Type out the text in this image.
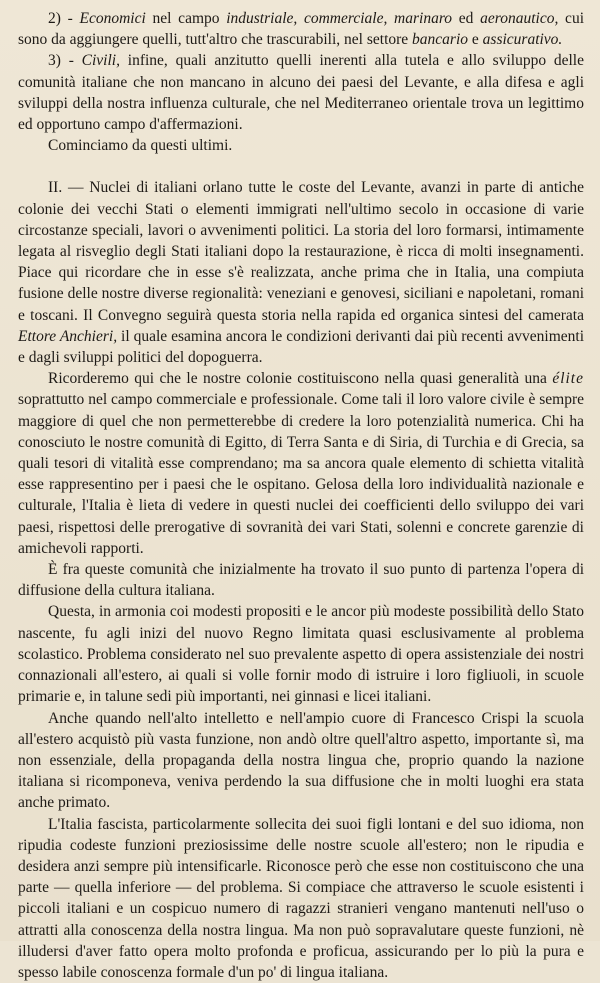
2) - Economici nel campo industriale, commerciale, marinaro ed aeronautico, cui sono da aggiungere quelli, tutt'altro che trascurabili, nel settore bancario e assicurativo.

3) - Civili, infine, quali anzitutto quelli inerenti alla tutela e allo sviluppo delle comunità italiane che non mancano in alcuno dei paesi del Levante, e alla difesa e agli sviluppi della nostra influenza culturale, che nel Mediterraneo orientale trova un legittimo ed opportuno campo d'affermazioni.

Cominciamo da questi ultimi.

II. — Nuclei di italiani orlano tutte le coste del Levante, avanzi in parte di antiche colonie dei vecchi Stati o elementi immigrati nell'ultimo secolo in occasione di varie circostanze speciali, lavori o avvenimenti politici. La storia del loro formarsi, intimamente legata al risveglio degli Stati italiani dopo la restaurazione, è ricca di molti insegnamenti. Piace qui ricordare che in esse s'è realizzata, anche prima che in Italia, una compiuta fusione delle nostre diverse regionalità: veneziani e genovesi, siciliani e napoletani, romani e toscani. Il Convegno seguirà questa storia nella rapida ed organica sintesi del camerata Ettore Anchieri, il quale esamina ancora le condizioni derivanti dai più recenti avvenimenti e dagli sviluppi politici del dopoguerra.

Ricorderemo qui che le nostre colonie costituiscono nella quasi generalità una élite soprattutto nel campo commerciale e professionale. Come tali il loro valore civile è sempre maggiore di quel che non permetterebbe di credere la loro potenzialità numerica. Chi ha conosciuto le nostre comunità di Egitto, di Terra Santa e di Siria, di Turchia e di Grecia, sa quali tesori di vitalità esse comprendano; ma sa ancora quale elemento di schietta vitalità esse rappresentino per i paesi che le ospitano. Gelosa della loro individualità nazionale e culturale, l'Italia è lieta di vedere in questi nuclei dei coefficienti dello sviluppo dei vari paesi, rispettosi delle prerogative di sovranità dei vari Stati, solenni e concrete garenzie di amichevoli rapporti.

È fra queste comunità che inizialmente ha trovato il suo punto di partenza l'opera di diffusione della cultura italiana.

Questa, in armonia coi modesti propositi e le ancor più modeste possibilità dello Stato nascente, fu agli inizi del nuovo Regno limitata quasi esclusivamente al problema scolastico. Problema considerato nel suo prevalente aspetto di opera assistenziale dei nostri connazionali all'estero, ai quali si volle fornir modo di istruire i loro figliuoli, in scuole primarie e, in talune sedi più importanti, nei ginnasi e licei italiani.

Anche quando nell'alto intelletto e nell'ampio cuore di Francesco Crispi la scuola all'estero acquistò più vasta funzione, non andò oltre quell'altro aspetto, importante sì, ma non essenziale, della propaganda della nostra lingua che, proprio quando la nazione italiana si ricomponeva, veniva perdendo la sua diffusione che in molti luoghi era stata anche primato.

L'Italia fascista, particolarmente sollecita dei suoi figli lontani e del suo idioma, non ripudia codeste funzioni preziosissime delle nostre scuole all'estero; non le ripudia e desidera anzi sempre più intensificarle. Riconosce però che esse non costituiscono che una parte — quella inferiore — del problema. Si compiace che attraverso le scuole esistenti i piccoli italiani e un cospicuo numero di ragazzi stranieri vengano mantenuti nell'uso o attratti alla conoscenza della nostra lingua. Ma non può sopravalutare queste funzioni, nè illudersi d'aver fatto opera molto profonda e proficua, assicurando per lo più la pura e spesso labile conoscenza formale d'un po' di lingua italiana.
